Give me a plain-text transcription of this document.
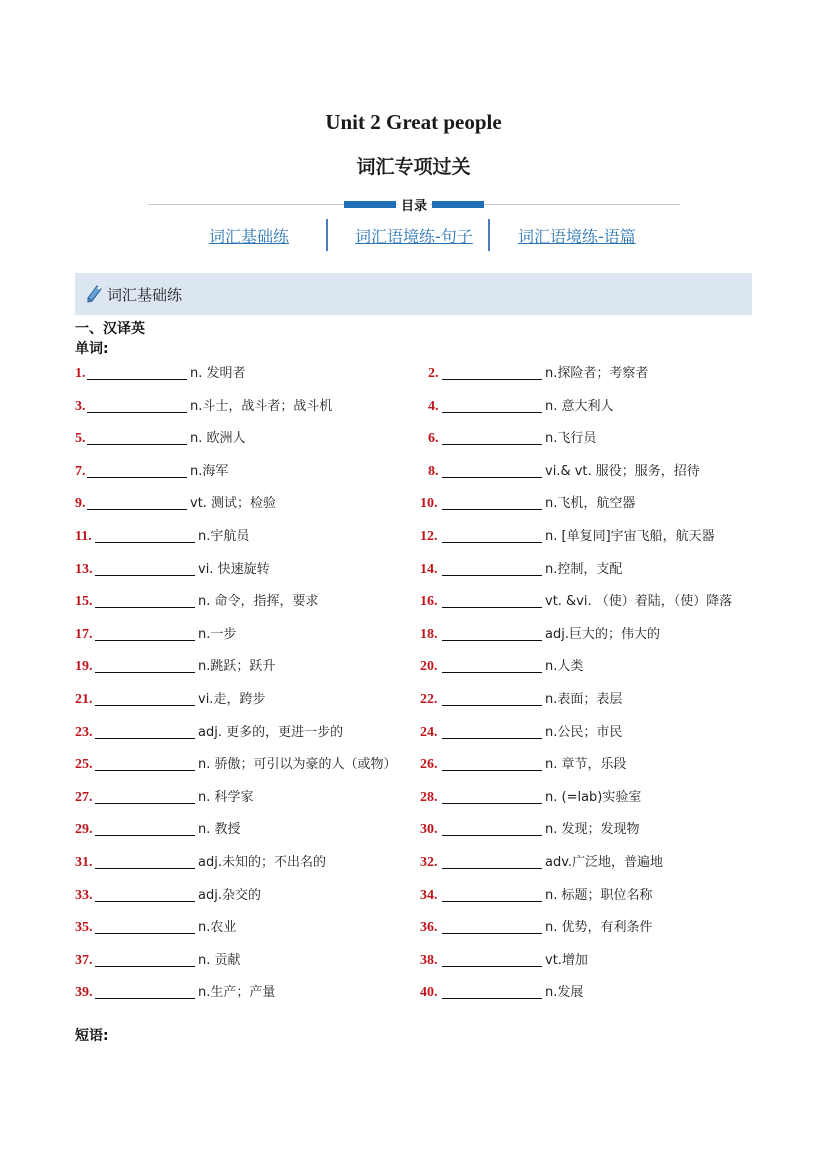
Unit 2 Great people
词汇专项过关
目录
词汇基础练	词汇语境练-句子	词汇语境练-语篇
词汇基础练
一、汉译英
单词:
1.	n. 发明者	2.	n.探险者；考察者
3.	n.斗士，战斗者；战斗机	4.	n. 意大利人
5.	n. 欧洲人	6.	n.飞行员
7.	n.海军	8.	vi.& vt. 服役；服务，招待
9.	vt. 测试；检验	10.	n.飞机，航空器
11.	n.宇航员	12.	n. [单复同]宇宙飞船，航天器
13.	vi. 快速旋转	14.	n.控制，支配
15.	n. 命令，指挥，要求	16.	vt. &vi. （使）着陆，（使）降落
17.	n.一步	18.	adj.巨大的；伟大的
19.	n.跳跃；跃升	20.	n.人类
21.	vi.走，跨步	22.	n.表面；表层
23.	adj. 更多的，更进一步的	24.	n.公民；市民
25.	n. 骄傲；可引以为豪的人（或物） 26.	n. 章节，乐段
27.	n. 科学家	28.	n. (=lab)实验室
29.	n. 教授	30.	n. 发现；发现物
31.	adj.未知的；不出名的	32.	adv.广泛地，普遍地
33.	adj.杂交的	34.	n. 标题；职位名称
35.	n.农业	36.	n. 优势，有利条件
37.	n. 贡献	38.	vt.增加
39.	n.生产；产量	40.	n.发展
短语:
